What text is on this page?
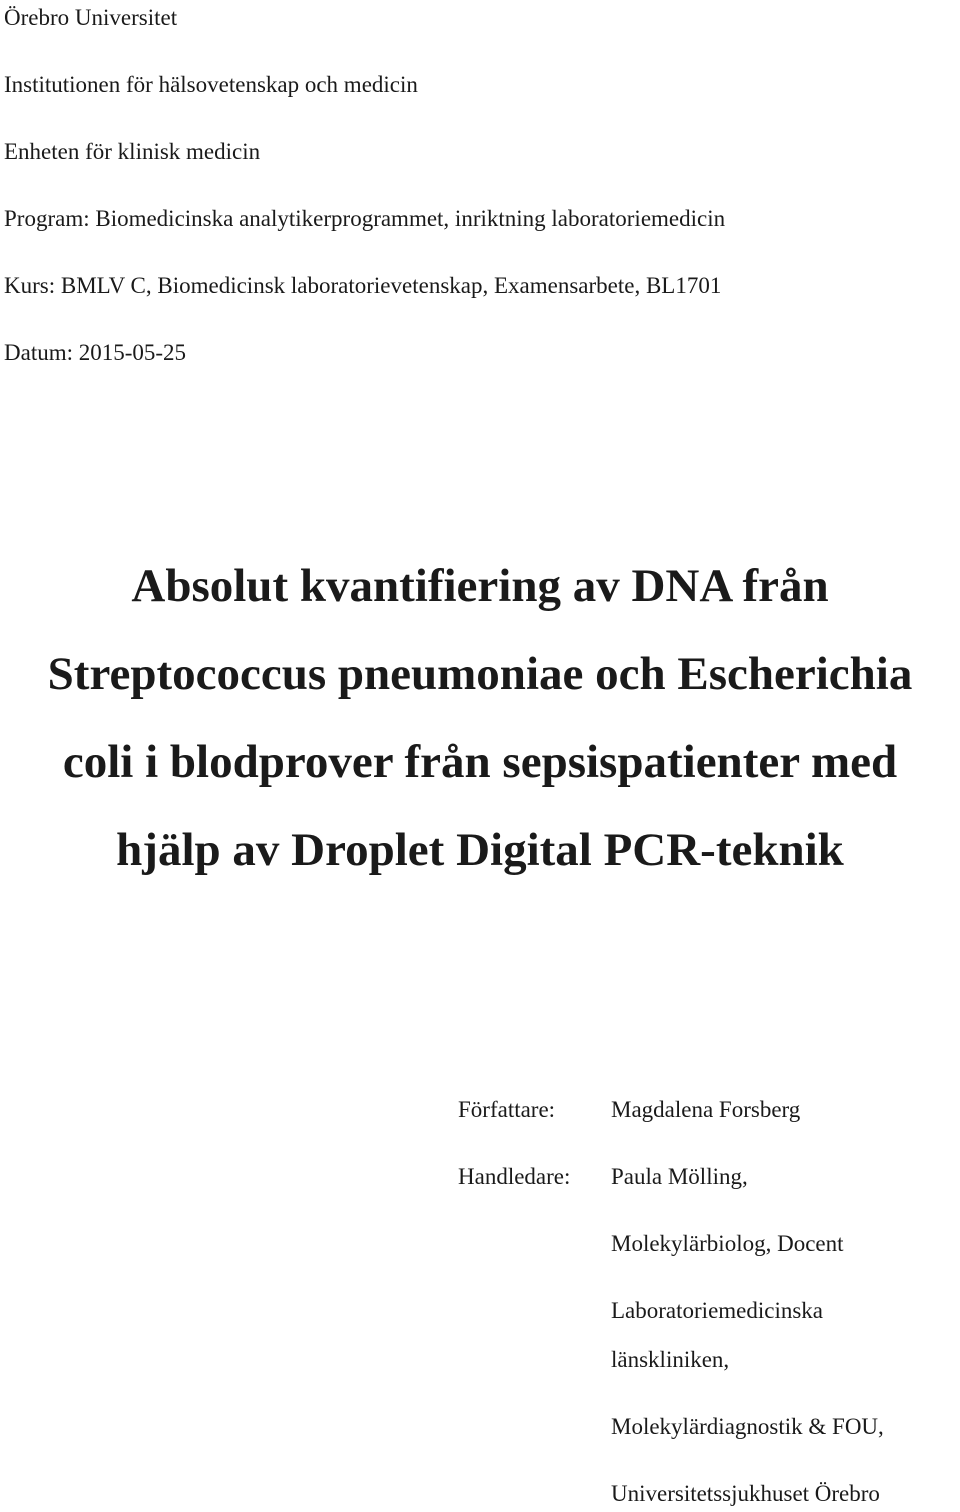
Örebro Universitet
Institutionen för hälsovetenskap och medicin
Enheten för klinisk medicin
Program: Biomedicinska analytikerprogrammet, inriktning laboratoriemedicin
Kurs: BMLV C, Biomedicinsk laboratorievetenskap, Examensarbete, BL1701
Datum: 2015-05-25
Absolut kvantifiering av DNA från
Streptococcus pneumoniae och Escherichia
coli i blodprover från sepsispatienter med
hjälp av Droplet Digital PCR-teknik
Författare: Magdalena Forsberg
Handledare: Paula Mölling,
Molekylärbiolog, Docent
Laboratoriemedicinska
länskliniken,
Molekylärdiagnostik & FOU,
Universitetssjukhuset Örebro
